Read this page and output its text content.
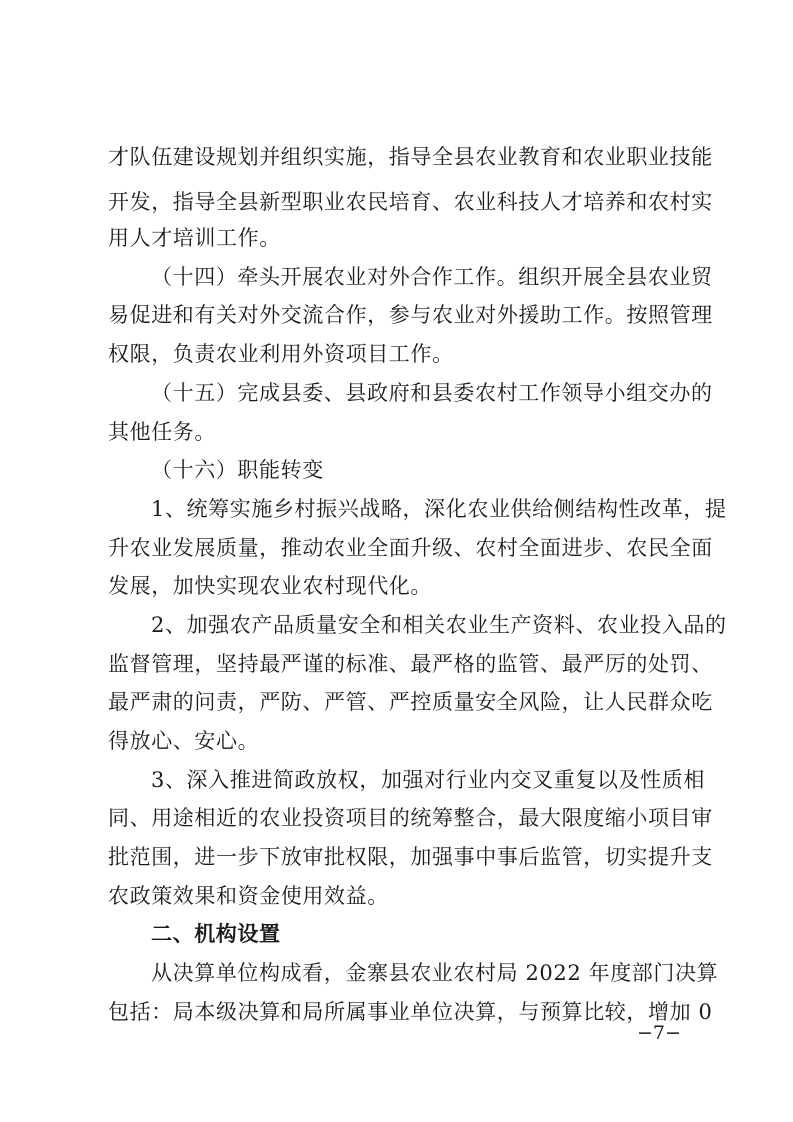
才队伍建设规划并组织实施，指导全县农业教育和农业职业技能
开发，指导全县新型职业农民培育、农业科技人才培养和农村实
用人才培训工作。
（十四）牵头开展农业对外合作工作。组织开展全县农业贸
易促进和有关对外交流合作，参与农业对外援助工作。按照管理
权限，负责农业利用外资项目工作。
（十五）完成县委、县政府和县委农村工作领导小组交办的
其他任务。
（十六）职能转变
1、统筹实施乡村振兴战略，深化农业供给侧结构性改革，提
升农业发展质量，推动农业全面升级、农村全面进步、农民全面
发展，加快实现农业农村现代化。
2、加强农产品质量安全和相关农业生产资料、农业投入品的
监督管理，坚持最严谨的标准、最严格的监管、最严厉的处罚、
最严肃的问责，严防、严管、严控质量安全风险，让人民群众吃
得放心、安心。
3、深入推进简政放权，加强对行业内交叉重复以及性质相
同、用途相近的农业投资项目的统筹整合，最大限度缩小项目审
批范围，进一步下放审批权限，加强事中事后监管，切实提升支
农政策效果和资金使用效益。
二、机构设置
从决算单位构成看，金寨县农业农村局 2022 年度部门决算
包括：局本级决算和局所属事业单位决算，与预算比较，增加 0
−7−
